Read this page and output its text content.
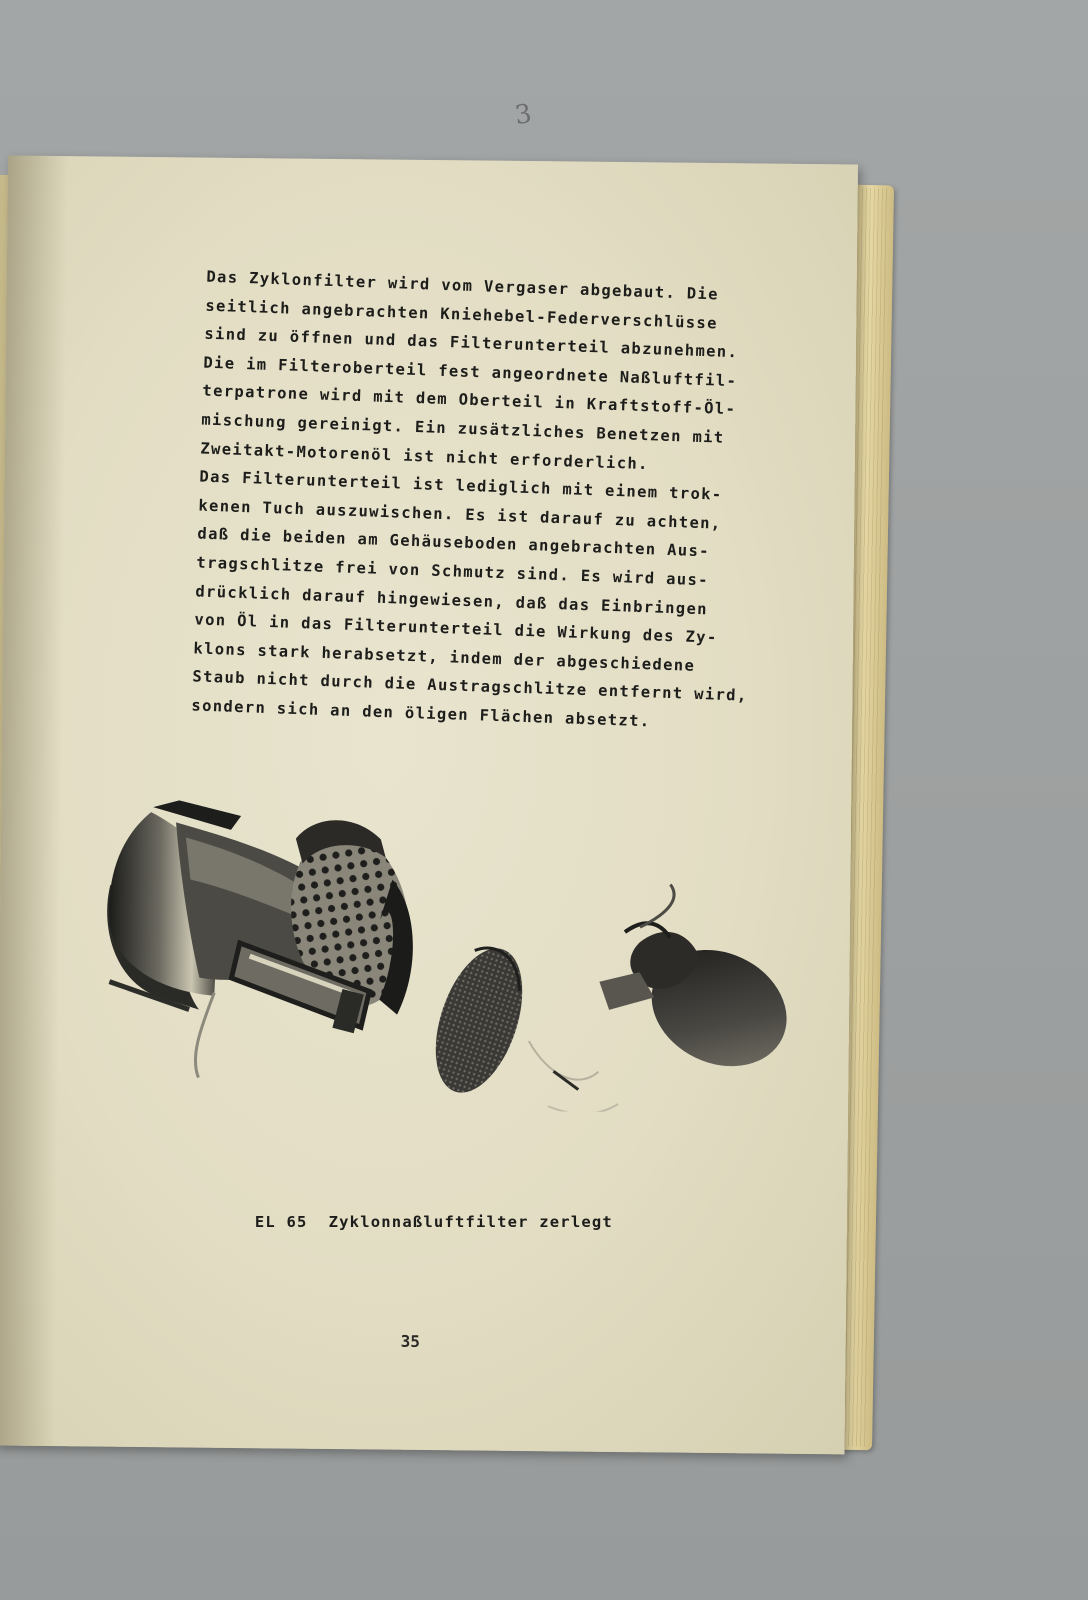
3

Das Zyklonfilter wird vom Vergaser abgebaut. Die
seitlich angebrachten Kniehebel-Federverschlüsse
sind zu öffnen und das Filterunterteil abzunehmen.
Die im Filteroberteil fest angeordnete Naßluftfil-
terpatrone wird mit dem Oberteil in Kraftstoff-Öl-
mischung gereinigt. Ein zusätzliches Benetzen mit
Zweitakt-Motorenöl ist nicht erforderlich.
Das Filterunterteil ist lediglich mit einem trok-
kenen Tuch auszuwischen. Es ist darauf zu achten,
daß die beiden am Gehäuseboden angebrachten Aus-
tragschlitze frei von Schmutz sind. Es wird aus-
drücklich darauf hingewiesen, daß das Einbringen
von Öl in das Filterunterteil die Wirkung des Zy-
klons stark herabsetzt, indem der abgeschiedene
Staub nicht durch die Austragschlitze entfernt wird,
sondern sich an den öligen Flächen absetzt.

EL 65  Zyklonnaßluftfilter zerlegt
35
